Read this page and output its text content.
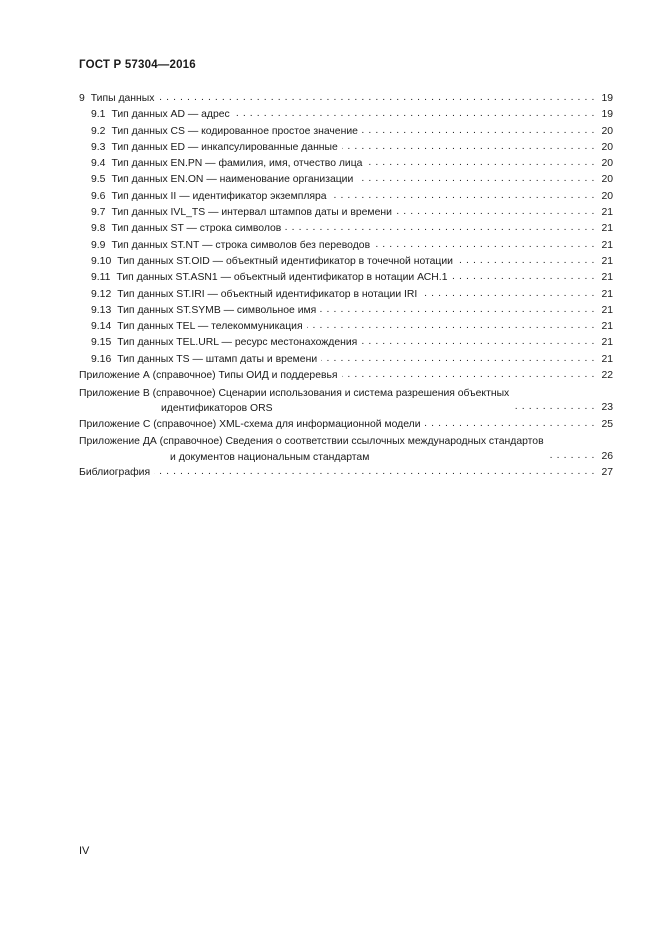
ГОСТ Р 57304—2016
9 Типы данных . . .	19
9.1 Тип данных AD — адрес . . .	19
9.2 Тип данных CS — кодированное простое значение . . .	20
9.3 Тип данных ED — инкапсулированные данные . . .	20
9.4 Тип данных EN.PN — фамилия, имя, отчество лица . . .	20
9.5 Тип данных EN.ON — наименование организации . . .	20
9.6 Тип данных II — идентификатор экземпляра . . .	20
9.7 Тип данных IVL_TS — интервал штампов даты и времени . . .	21
9.8 Тип данных ST — строка символов . . .	21
9.9 Тип данных ST.NT — строка символов без переводов . . .	21
9.10 Тип данных ST.OID — объектный идентификатор в точечной нотации . . .	21
9.11 Тип данных ST.ASN1 — объектный идентификатор в нотации АСН.1 . . .	21
9.12 Тип данных ST.IRI — объектный идентификатор в нотации IRI . . .	21
9.13 Тип данных ST.SYMB — символьное имя . . .	21
9.14 Тип данных TEL — телекоммуникация . . .	21
9.15 Тип данных TEL.URL — ресурс местонахождения . . .	21
9.16 Тип данных TS — штамп даты и времени . . .	21
Приложение А (справочное) Типы ОИД и поддеревья . . .	22
Приложение В (справочное) Сценарии использования и система разрешения объектных
идентификаторов ORS . . .	23
Приложение С (справочное) XML-схема для информационной модели . . .	25
Приложение ДА (справочное) Сведения о соответствии ссылочных международных стандартов
и документов национальным стандартам . . .	26
Библиография . . .	27
IV
